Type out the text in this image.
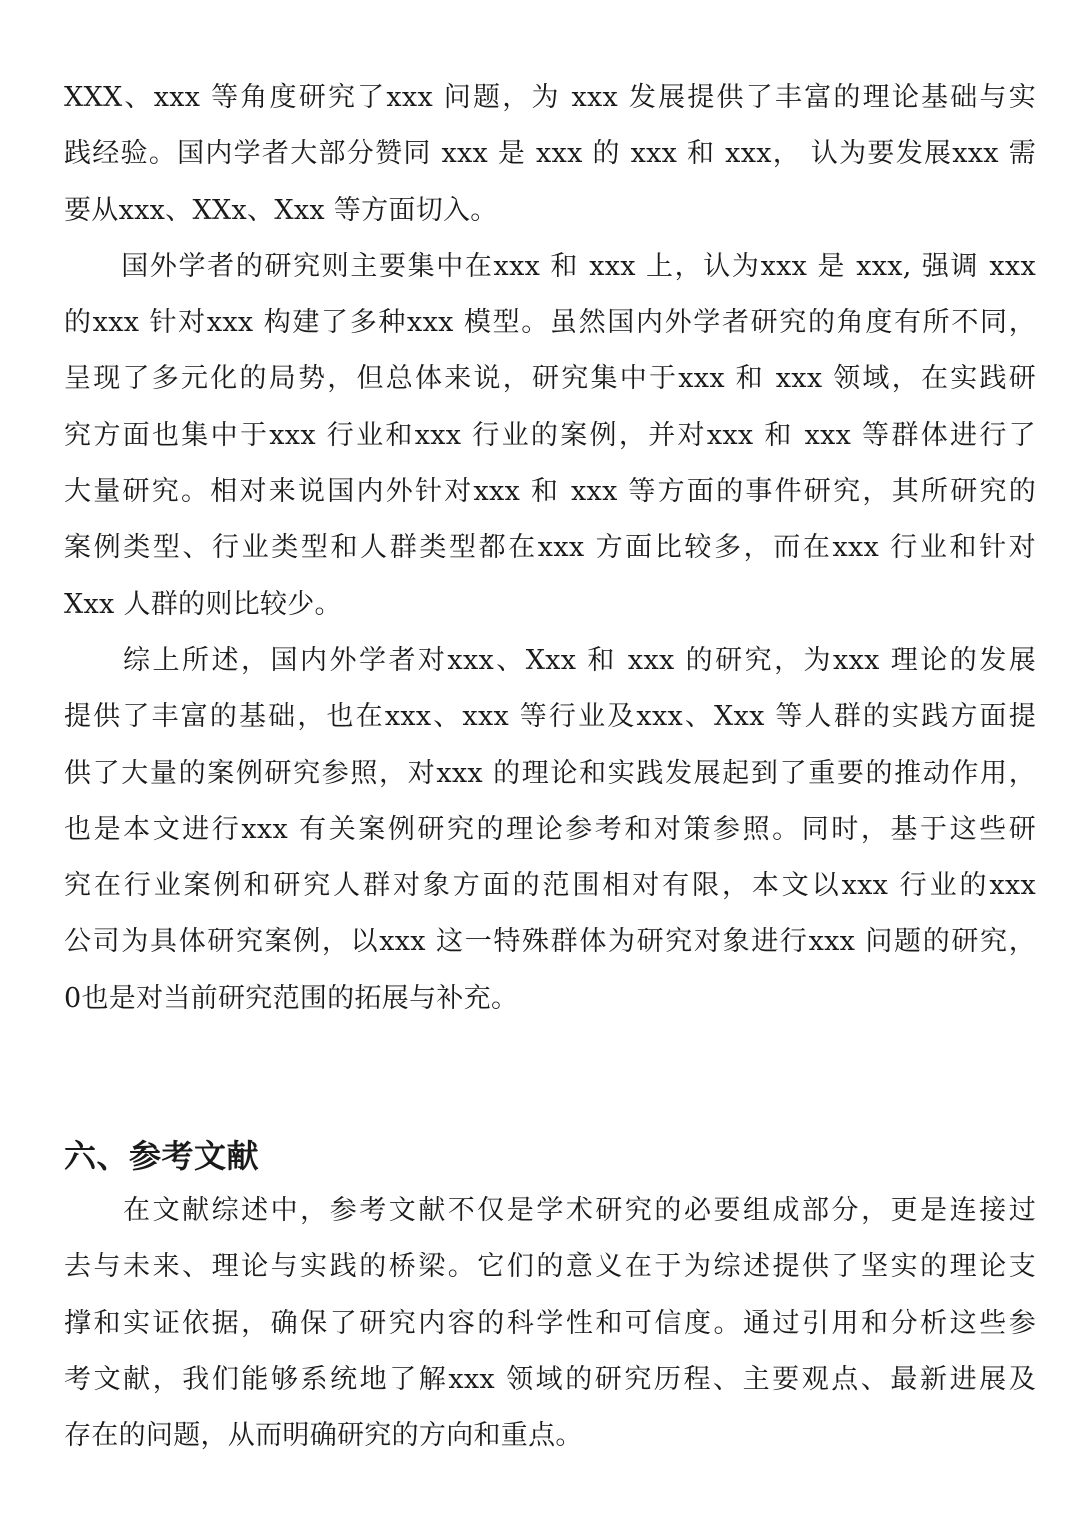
XXX、xxx 等角度研究了xxx 问题，为 xxx 发展提供了丰富的理论基础与实
践经验。国内学者大部分赞同 xxx 是 xxx 的 xxx 和 xxx， 认为要发展xxx 需
要从xxx、XXx、Xxx 等方面切入。

　　国外学者的研究则主要集中在xxx 和 xxx 上，认为xxx 是 xxx, 强调 xxx
的xxx 针对xxx 构建了多种xxx 模型。虽然国内外学者研究的角度有所不同，
呈现了多元化的局势，但总体来说，研究集中于xxx 和 xxx 领域，在实践研
究方面也集中于xxx 行业和xxx 行业的案例，并对xxx 和 xxx 等群体进行了
大量研究。相对来说国内外针对xxx 和 xxx 等方面的事件研究，其所研究的
案例类型、行业类型和人群类型都在xxx 方面比较多，而在xxx 行业和针对
Xxx 人群的则比较少。

　　综上所述，国内外学者对xxx、Xxx 和 xxx 的研究，为xxx 理论的发展
提供了丰富的基础，也在xxx、xxx 等行业及xxx、Xxx 等人群的实践方面提
供了大量的案例研究参照，对xxx 的理论和实践发展起到了重要的推动作用，
也是本文进行xxx 有关案例研究的理论参考和对策参照。同时，基于这些研
究在行业案例和研究人群对象方面的范围相对有限，本文以xxx 行业的xxx
公司为具体研究案例，以xxx 这一特殊群体为研究对象进行xxx 问题的研究，
0也是对当前研究范围的拓展与补充。

六、参考文献

　　在文献综述中，参考文献不仅是学术研究的必要组成部分，更是连接过
去与未来、理论与实践的桥梁。它们的意义在于为综述提供了坚实的理论支
撑和实证依据，确保了研究内容的科学性和可信度。通过引用和分析这些参
考文献，我们能够系统地了解xxx 领域的研究历程、主要观点、最新进展及
存在的问题，从而明确研究的方向和重点。
